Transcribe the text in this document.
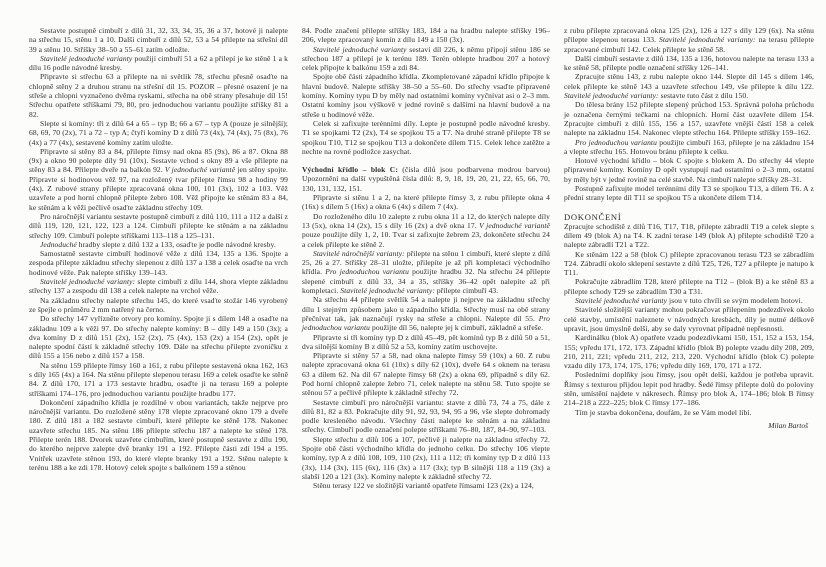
Sestavte postupně cimbuří z dílů 31, 32, 33, 34, 35, 36 a 37, hotové ji nalepte na střechu 15, stěnu 1 a 10. Další cimbuří z dílů 52, 53 a 54 přilepte na střešní díl 39 a stěnu 10. Stříšky 38–50 a 55–61 zatím odložte.

Stavitelé jednoduché varianty použijí cimbuří 51 a 62 a přilepí je ke stěně 1 a k dílu 16 podle návodné kresby.

Připravte si střechu 63 a přilepte na ni světlík 78, střechu přesně osaďte na chlopně stěny 2 a druhou stranu na střešní díl 15. POZOR – přesné osazení je na střeše a chlopni vyznačeno dvěma ryskami, střecha na obě strany přesahuje díl 15! Střechu opatřete stříškami 79, 80, pro jednoduchou variantu použijte stříšky 81 a 82.

Slepte si komíny: tři z dílů 64 a 65 – typ B; 66 a 67 – typ A (pouze je silnější); 68, 69, 70 (2x), 71 a 72 – typ A; čtyři komíny D z dílů 73 (4x), 74 (4x), 75 (8x), 76 (4x) a 77 (4x), sestavené komíny zatím uložte.

Připravte si stěny 83 a 84, přilepte římsy nad okna 85 (9x), 86 a 87. Okna 88 (9x) a okno 90 polepte díly 91 (10x). Sestavte vchod s okny 89 a vše přilepte na stěny 83 a 84. Přilepte dveře na balkón 92. V jednoduché variantě jen stěny spojte. Připravte si hodinovou věž 97, na rozložený tvar přilepte římsu 98 a hodiny 99 (4x). Z rubové strany přilepte zpracovaná okna 100, 101 (3x), 102 a 103. Věž uzavřete a pod horní chlopně přilepte žebro 108. Věž připojte ke stěnám 83 a 84, ke stěnám a k věži pečlivě osaďte základnu střechy 109.

Pro náročnější variantu sestavte postupně cimbuří z dílů 110, 111 a 112 a další z dílů 119, 120, 121, 122, 123 a 124. Cimbuří přilepte ke stěnám a na základnu střechy 109. Cimbuří polepte stříškami 113–118 a 125–131.

Jednoduché hradby slepte z dílů 132 a 133, osaďte je podle návodné kresby.

Samostatně sestavte cimbuří hodinové věže z dílů 134, 135 a 136. Spojte a zespoda přilepte základnu střechy slepenou z dílů 137 a 138 a celek osaďte na vrch hodinové věže. Pak nalepte stříšky 139–143.

Stavitelé jednoduché varianty: slepte cimbuří z dílu 144, shora vlepte základnu střechy 137 a zespodu díl 138 a celek nalepte na vrchol věže.

Na základnu střechy nalepte střechu 145, do které vsaďte stožár 146 vyrobený ze špejle o průměru 2 mm natřený na černo.

Do střechy 147 vyřízněte otvory pro komíny. Spojte ji s dílem 148 a osaďte na základnu 109 a k věži 97. Do střechy nalepte komíny: B – díly 149 a 150 (3x); a dva komíny D z dílů 151 (2x), 152 (2x), 75 (4x), 153 (2x) a 154 (2x), opět je nalepte spodní částí k základně střechy 109. Dále na střechu přilepte zvoničku z dílů 155 a 156 nebo z dílů 157 a 158.

Na stěnu 159 přilepte římsy 160 a 161, z rubu přilepte sestavená okna 162, 163 s díly 165 (4x) a 164. Na stěnu přilepte slepenou terasu 169 a celek osaďte ke stěně 84. Z dílů 170, 171 a 173 sestavte hradbu, osaďte ji na terasu 169 a polepte stříškami 174–176, pro jednoduchou variantu použijte hradbu 177.

Dokončení západního křídla je rozdílné v obou variantách, takže nejprve pro náročnější variantu. Do rozložené stěny 178 vlepte zpracované okno 179 a dveře 180. Z dílů 181 a 182 sestavte cimbuří, které přilepte ke stěně 178. Nakonec uzavřete střechu 185. Na stěnu 186 přilepte střechu 187 a nalepte ke stěně 178. Přilepte terén 188. Dvorek uzavřete cimbuřím, které postupně sestavte z dílu 190, do kterého nejprve zalepte dvě branky 191 a 192. Přilepte části zdí 194 a 195. Vnitřek uzavřete stěnou 193, do které vlepte branky 191 a 192. Stěnu nalepte k terénu 188 a ke zdi 178. Hotový celek spojte s balkónem 159 a stěnou

84. Podle značení přilepte stříšky 183, 184 a na hradbu nalepte stříšky 196–206, vlepte zpracovaný komín z dílu 149 a 150 (3x).

Stavitelé jednoduché varianty sestaví díl 226, k němu připojí stěnu 186 se střechou 187 a přilepí je k terénu 189. Terén oblepte hradbou 207 a hotový celek připojte k balkónu 159 a zdi 84.

Spojte obě části západního křídla. Zkompletované západní křídlo připojte k hlavní budově. Nalepte stříšky 38–50 a 55–60. Do střechy vsaďte připravené komíny. Komíny typu D by měly nad ostatními komíny vyčnívat asi o 2–3 mm. Ostatní komíny jsou výškově v jedné rovině s dalšími na hlavní budově a na střeše u hodinové věže.

Celek si zafixujte terénními díly. Lepte je postupně podle návodné kresby. T1 se spojkami T2 (2x), T4 se spojkou T5 a T7. Na druhé straně přilepte T8 se spojkou T10, T12 se spojkou T13 a dokončete dílem T15. Celek lehce zatěžte a nechte na rovné podložce zasychat.

Východní křídlo – blok C: (čísla dílů jsou podbarvena modrou barvou) Upozornění na další vypuštěná čísla dílů: 8, 9, 18, 19, 20, 21, 22, 65, 66, 70, 130, 131, 132, 151.

Připravte si stěnu 1 a 2, na které přilepte římsy 3, z rubu přilepte okna 4 (16x) s dílem 5 (16x) a okna 6 (4x) s dílem 7 (4x).

Do rozloženého dílu 10 zalepte z rubu okna 11 a 12, do kterých nalepte díly 13 (5x), okna 14 (2x), 15 s díly 16 (2x) a dvě okna 17. V jednoduché variantě pouze použijte díly 1, 2, 10. Tvar si zafixujte žebrem 23, dokončete střechu 24 a celek přilepte ke stěně 2.

Stavitelé náročnější varianty: přilepte na stěnu 1 cimbuří, které slepte z dílů 25, 26 a 27. Stříšky 28–31 uložte, přilepíte je až při kompletaci východního křídla. Pro jednoduchou variantu použijte hradbu 32. Na střechu 24 přilepte slepené cimbuří z dílů 33, 34 a 35, stříšky 36–42 opět nalepíte až při kompletaci. Stavitelé jednoduché varianty: přilepte cimbuří 43.

Na střechu 44 přilepte světlík 54 a nalepte ji nejprve na základnu střechy dílu 1 stejným způsobem jako u západního křídla. Střechy musí na obě strany přečnívat tak, jak naznačují rysky na střeše a chlopni. Nalepte díl 55. Pro jednoduchou variantu použijte díl 56, nalepte jej k cimbuří, základně a střeše.

Připravte si tři komíny typ D z dílů 45–49, pět komínů typ B z dílů 50 a 51, dva silnější komíny B z dílů 52 a 53, komíny zatím uschovejte.

Připravte si stěny 57 a 58, nad okna nalepte římsy 59 (10x) a 60. Z rubu nalepte zpracovaná okna 61 (10x) s díly 62 (10x), dveře 64 s oknem na terasu 63 a dílem 62. Na díl 67 nalepte římsy 68 (2x) a okna 69, případně s díly 62. Pod horní chlopně zalepte žebro 71, celek nalepte na stěnu 58. Tuto spojte se stěnou 57 a pečlivě přilepte k základně střechy 72.

Sestavte cimbuří pro náročnější variantu: stavte z dílů 73, 74 a 75, dále z dílů 81, 82 a 83. Pokračujte díly 91, 92, 93, 94, 95 a 96, vše slepte dohromady podle kresleného návodu. Všechny části nalepte ke stěnám a na základnu střechy. Cimbuří podle označení polepte stříškami 76–80, 187, 84–90, 97–103.

Slepte střechu z dílů 106 a 107, pečlivě ji nalepte na základnu střechy 72. Spojte obě části východního křídla do jednoho celku. Do střechy 106 vlepte komíny, typ A z dílů 108, 109, 110 (2x), 111 a 112; tři komíny typ D z dílů 113 (3x), 114 (3x), 115 (6x), 116 (3x) a 117 (3x); typ B silnější 118 a 119 (3x) a slabší 120 a 121 (3x). Komíny nalepte k základně střechy 72.

Stěnu terasy 122 ve složitější variantě opatřete římsami 123 (2x) a 124,

z rubu přilepte zpracovaná okna 125 (2x), 126 a 127 s díly 129 (6x). Na stěnu přilepte slepenou terasu 133. Stavitelé jednoduché varianty: na terasu přilepte zpracované cimbuří 142. Celek přilepte ke stěně 58.

Další cimbuří sestavte z dílů 134, 135 a 136, hotovou nalepte na terasu 133 a ke stěně 58, přilepte podle označení stříšky 126–141.

Zpracujte stěnu 143, z rubu nalepte okno 144. Slepte díl 145 s dílem 146, celek přilepte ke stěně 143 a uzavřete střechou 149, vše přilepte k dílu 122. Stavitelé jednoduché varianty: sestavte tuto část z dílu 150.

Do tělesa brány 152 přilepte slepený průchod 153. Správná poloha průchodu je označena černými tečkami na chlopních. Horní část uzavřete dílem 154. Zpracujte cimbuří z dílů 155, 156 a 157, uzavřete vnější částí 158 a celek nalepte na základnu 154. Nakonec vlepte střechu 164. Přilepte stříšky 159–162.

Pro jednoduchou variantu použijte cimbuří 163, přilepte je na základnu 154 a vlepte střechu 165. Hotovou bránu přilepte k celku.

Hotové východní křídlo – blok C spojte s blokem A. Do střechy 44 vlepte připravené komíny. Komíny D opět vystupují nad ostatními o 2–3 mm, ostatní by měly být v jedné rovině na celé stavbě. Na cimbuří nalepte stříšky 28–31.

Postupně zafixujte model terénními díly T3 se spojkou T13, a dílem T6. A z přední strany lepte díl T11 se spojkou T5 a ukončete dílem T14.

DOKONČENÍ

Zpracujte schodiště z dílů T16, T17, T18, přilepte zábradlí T19 a celek slepte s dílem 49 (blok A) na T4. K zadní terase 149 (blok A) přilepte schodiště T20 a nalepte zábradlí T21 a T22.

Ke stěnám 122 a 58 (blok C) přilepte zpracovanou terasu T23 se zábradlím T24. Zábradlí okolo sklepení sestavte z dílů T25, T26, T27 a přilepte je natupo k T11.

Pokračujte zábradlím T28, které přilepte na T12 – (blok B) a ke stěně 83 a přilepte schody T29 se zábradlím T30 a T31.

Stavitelé jednoduché varianty jsou v tuto chvíli se svým modelem hotovi.

Stavitelé složitější varianty mohou pokračovat přilepením podezdívek okolo celé stavby, umístění naleznete v návodných kresbách, díly je nutné délkově upravit, jsou úmyslně delší, aby se daly vyrovnat případné nepřesnosti.

Kardinálku (blok A) opatřete vzadu podezdívkami 150, 151, 152 a 153, 154, 155; vpředu 171, 172, 173. Západní křídlo (blok B) polepte vzadu díly 208, 209, 210, 211, 221; vpředu 211, 212, 213, 220. Východní křídlo (blok C) polepte vzadu díly 173, 174, 175, 176; vpředu díly 169, 170, 171 a 172.

Posledními doplňky jsou římsy, jsou opět delší, každou je potřeba upravit. Římsy s texturou přijdou lepit pod hradby. Šedé římsy přilepte dolů do poloviny stěn, umístění najdete v nákresech. Římsy pro blok A, 174–186; blok B římsy 214–218 a 222–225; blok C římsy 177–186.

Tím je stavba dokončena, doufám, že se Vám model líbí.

Milan Bartoš
